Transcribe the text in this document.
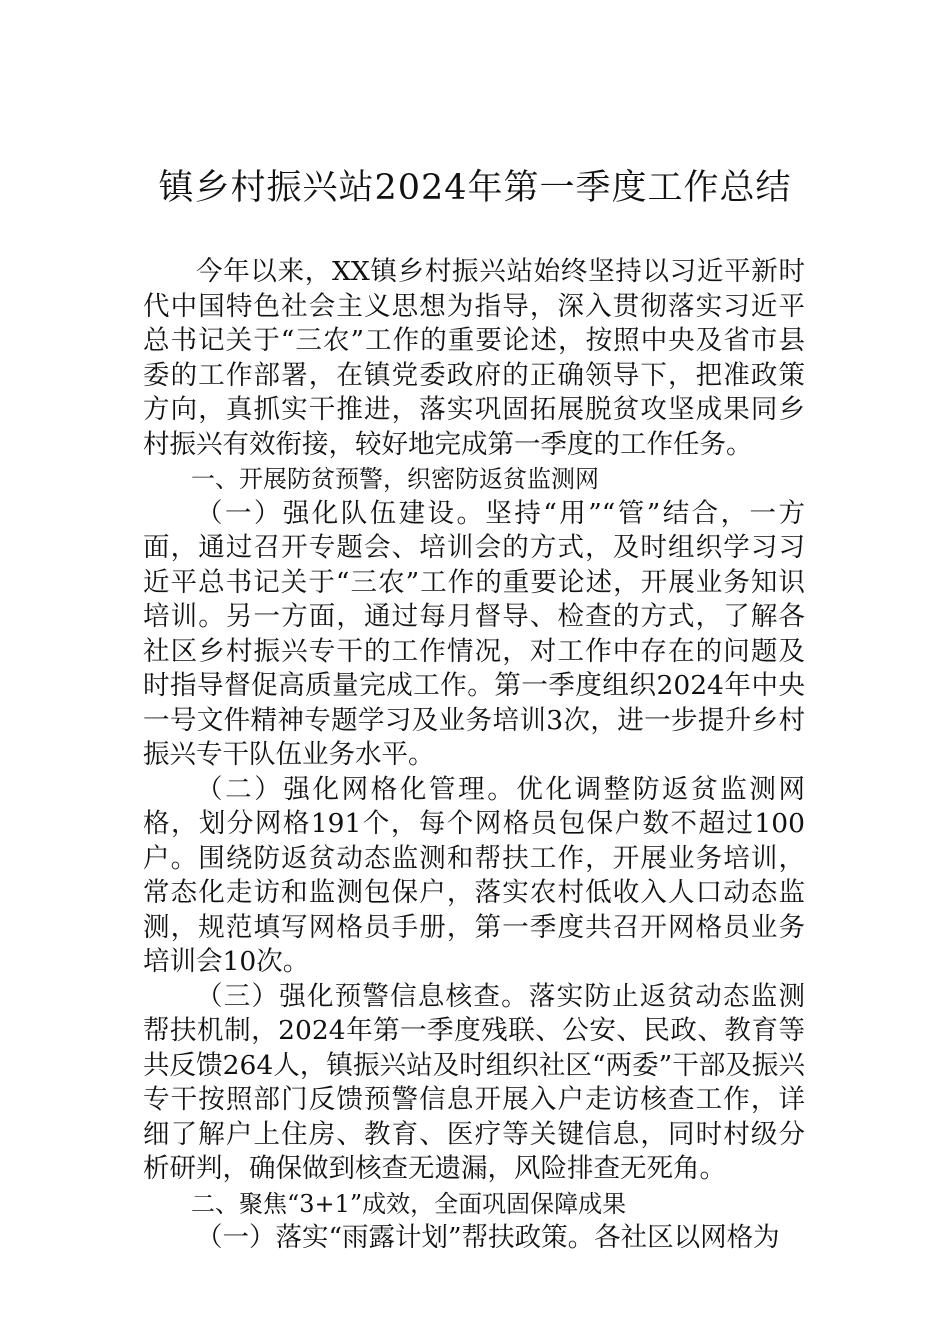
镇乡村振兴站2024年第一季度工作总结

今年以来，XX镇乡村振兴站始终坚持以习近平新时代中国特色社会主义思想为指导，深入贯彻落实习近平总书记关于“三农”工作的重要论述，按照中央及省市县委的工作部署，在镇党委政府的正确领导下，把准政策方向，真抓实干推进，落实巩固拓展脱贫攻坚成果同乡村振兴有效衔接，较好地完成第一季度的工作任务。

一、开展防贫预警，织密防返贫监测网

（一）强化队伍建设。坚持“用”“管”结合，一方面，通过召开专题会、培训会的方式，及时组织学习习近平总书记关于“三农”工作的重要论述，开展业务知识培训。另一方面，通过每月督导、检查的方式，了解各社区乡村振兴专干的工作情况，对工作中存在的问题及时指导督促高质量完成工作。第一季度组织2024年中央一号文件精神专题学习及业务培训3次，进一步提升乡村振兴专干队伍业务水平。

（二）强化网格化管理。优化调整防返贫监测网格，划分网格191个，每个网格员包保户数不超过100户。围绕防返贫动态监测和帮扶工作，开展业务培训，常态化走访和监测包保户，落实农村低收入人口动态监测，规范填写网格员手册，第一季度共召开网格员业务培训会10次。

（三）强化预警信息核查。落实防止返贫动态监测帮扶机制，2024年第一季度残联、公安、民政、教育等共反馈264人，镇振兴站及时组织社区“两委”干部及振兴专干按照部门反馈预警信息开展入户走访核查工作，详细了解户上住房、教育、医疗等关键信息，同时村级分析研判，确保做到核查无遗漏，风险排查无死角。

二、聚焦“3+1”成效，全面巩固保障成果

（一）落实“雨露计划”帮扶政策。各社区以网格为
